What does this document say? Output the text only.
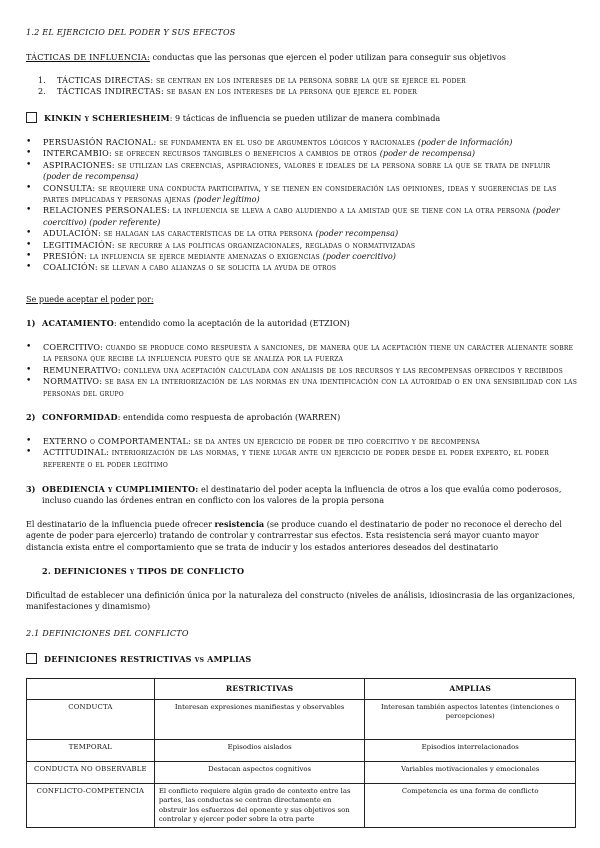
1.2 EL EJERCICIO DEL PODER Y SUS EFECTOS
TÁCTICAS DE INFLUENCIA: conductas que las personas que ejercen el poder utilizan para conseguir sus objetivos
1. TÁCTICAS DIRECTAS: se centran en los intereses de la persona sobre la que se ejerce el poder
2. TÁCTICAS INDIRECTAS: se basan en los intereses de la persona que ejerce el poder
KINKIN y SCHERIESHEIM: 9 tácticas de influencia se pueden utilizar de manera combinada
• PERSUASIÓN RACIONAL: se fundamenta en el uso de argumentos lógicos y racionales (poder de información)
• INTERCAMBIO: se ofrecen recursos tangibles o beneficios a cambios de otros (poder de recompensa)
• ASPIRACIONES: se utilizan las creencias, aspiraciones, valores e ideales de la persona sobre la que se trata de influir (poder de recompensa)
• CONSULTA: se requiere una conducta participativa, y se tienen en consideración las opiniones, ideas y sugerencias de las partes implicadas y personas ajenas (poder legítimo)
• RELACIONES PERSONALES: la influencia se lleva a cabo aludiendo a la amistad que se tiene con la otra persona (poder coercitivo) (poder referente)
• ADULACIÓN: se halagan las características de la otra persona (poder recompensa)
• LEGITIMACIÓN: se recurre a las políticas organizacionales, regladas o normativizadas
• PRESIÓN: la influencia se ejerce mediante amenazas o exigencias (poder coercitivo)
• COALICIÓN: se llevan a cabo alianzas o se solicita la ayuda de otros
Se puede aceptar el poder por:
1) ACATAMIENTO: entendido como la aceptación de la autoridad (ETZION)
• COERCITIVO: cuando se produce como respuesta a sanciones, de manera que la aceptación tiene un carácter alienante sobre la persona que recibe la influencia puesto que se analiza por la fuerza
• REMUNERATIVO: conlleva una aceptación calculada con análisis de los recursos y las recompensas ofrecidos y recibidos
• NORMATIVO: se basa en la interiorización de las normas en una identificación con la autoridad o en una sensibilidad con las personas del grupo
2) CONFORMIDAD: entendida como respuesta de aprobación (WARREN)
• EXTERNO o COMPORTAMENTAL: se da antes un ejercicio de poder de tipo coercitivo y de recompensa
• ACTITUDINAL: interiorización de las normas, y tiene lugar ante un ejercicio de poder desde el poder experto, el poder referente o el poder legítimo
3) OBEDIENCIA y CUMPLIMIENTO: el destinatario del poder acepta la influencia de otros a los que evalúa como poderosos, incluso cuando las órdenes entran en conflicto con los valores de la propia persona
El destinatario de la influencia puede ofrecer resistencia (se produce cuando el destinatario de poder no reconoce el derecho del agente de poder para ejercerlo) tratando de controlar y contrarrestar sus efectos. Esta resistencia será mayor cuanto mayor distancia exista entre el comportamiento que se trata de inducir y los estados anteriores deseados del destinatario
2. DEFINICIONES y TIPOS DE CONFLICTO
Dificultad de establecer una definición única por la naturaleza del constructo (niveles de análisis, idiosincrasia de las organizaciones, manifestaciones y dinamismo)
2.1 DEFINICIONES DEL CONFLICTO
DEFINICIONES RESTRICTIVAS vs AMPLIAS
	RESTRICTIVAS	AMPLIAS
CONDUCTA	Interesan expresiones manifiestas y observables	Interesan también aspectos latentes (intenciones o percepciones)
TEMPORAL	Episodios aislados	Episodios interrelacionados
CONDUCTA NO OBSERVABLE	Destacan aspectos cognitivos	Variables motivacionales y emocionales
CONFLICTO-COMPETENCIA	El conflicto requiere algún grado de contexto entre las partes, las conductas se centran directamente en obstruir los esfuerzos del oponente y sus objetivos son controlar y ejercer poder sobre la otra parte	Competencia es una forma de conflicto
